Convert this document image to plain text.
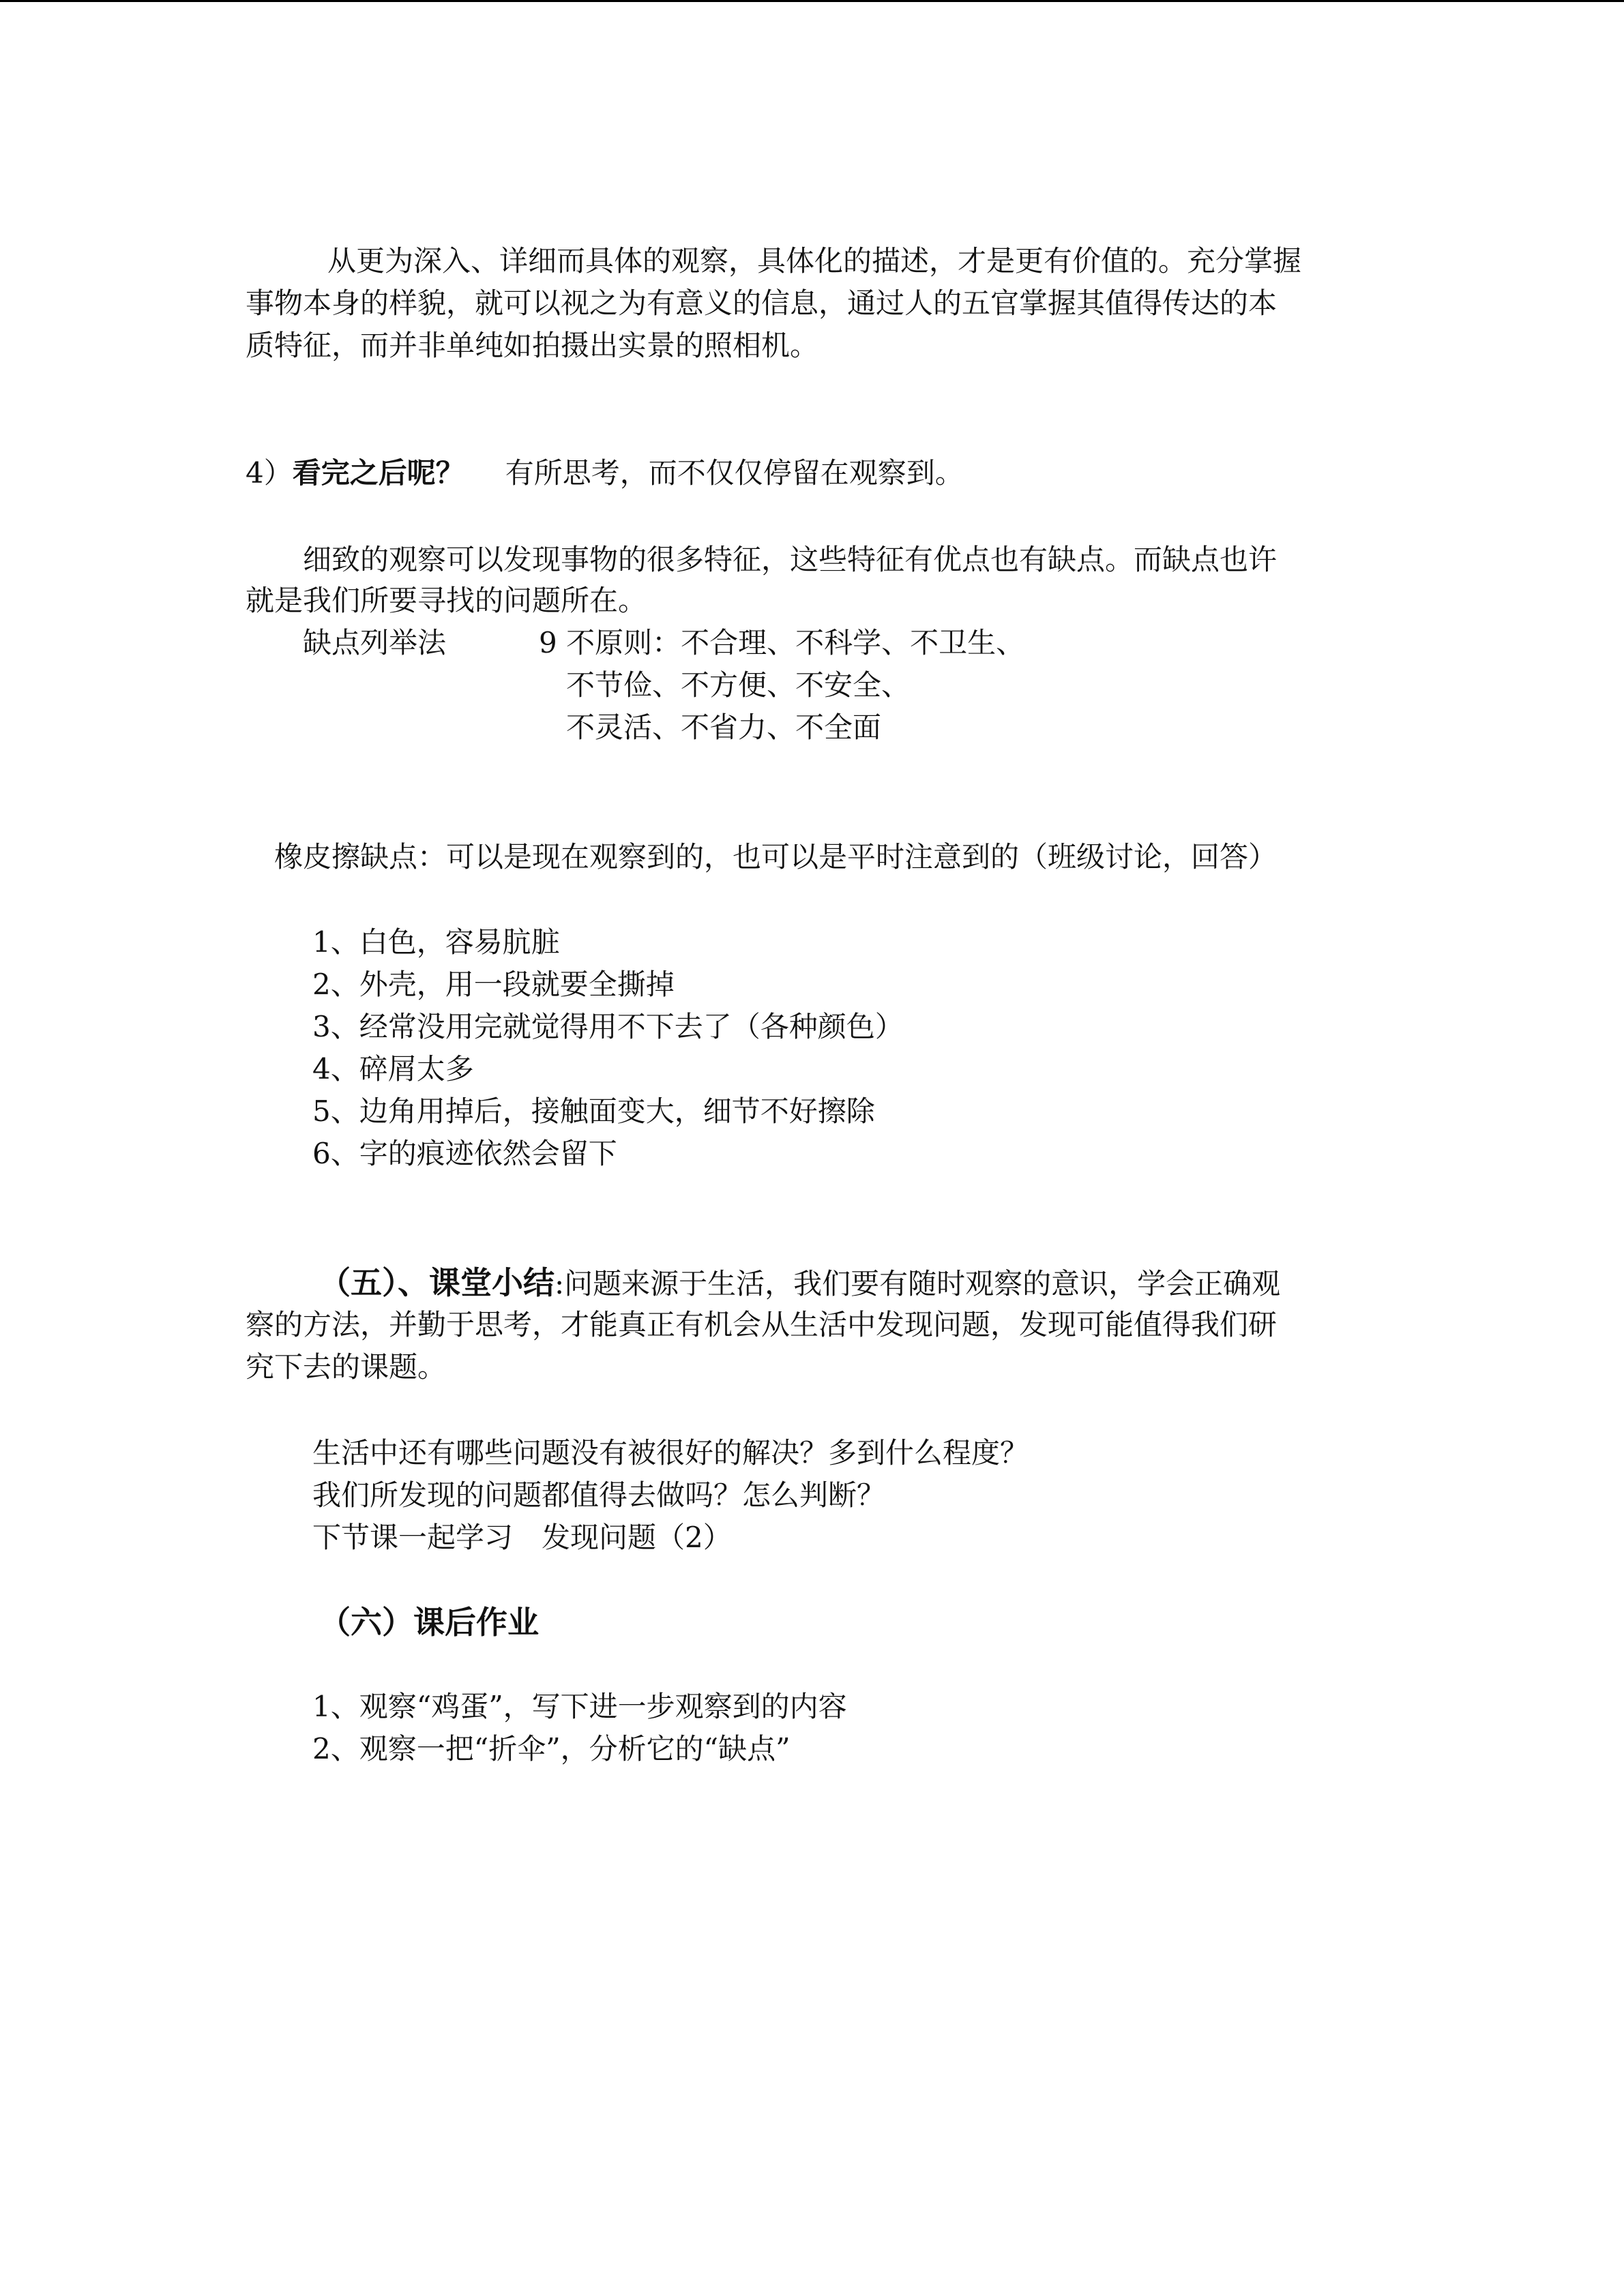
从更为深入、详细而具体的观察，具体化的描述，才是更有价值的。充分掌握
事物本身的样貌，就可以视之为有意义的信息，通过人的五官掌握其值得传达的本
质特征，而并非单纯如拍摄出实景的照相机。
4）看完之后呢？ 有所思考，而不仅仅停留在观察到。
细致的观察可以发现事物的很多特征，这些特征有优点也有缺点。而缺点也许
就是我们所要寻找的问题所在。
缺点列举法	9 不原则：不合理、不科学、不卫生、
不节俭、不方便、不安全、
不灵活、不省力、不全面
橡皮擦缺点：可以是现在观察到的，也可以是平时注意到的（班级讨论，回答）
1、白色，容易肮脏
2、外壳，用一段就要全撕掉
3、经常没用完就觉得用不下去了（各种颜色）
4、碎屑太多
5、边角用掉后，接触面变大，细节不好擦除
6、字的痕迹依然会留下
（五）、课堂小结:问题来源于生活，我们要有随时观察的意识，学会正确观
察的方法，并勤于思考，才能真正有机会从生活中发现问题，发现可能值得我们研
究下去的课题。
生活中还有哪些问题没有被很好的解决？多到什么程度？
我们所发现的问题都值得去做吗？怎么判断？
下节课一起学习　发现问题（2）
（六）课后作业
1、观察“鸡蛋”，写下进一步观察到的内容
2、观察一把“折伞”，分析它的“缺点”
